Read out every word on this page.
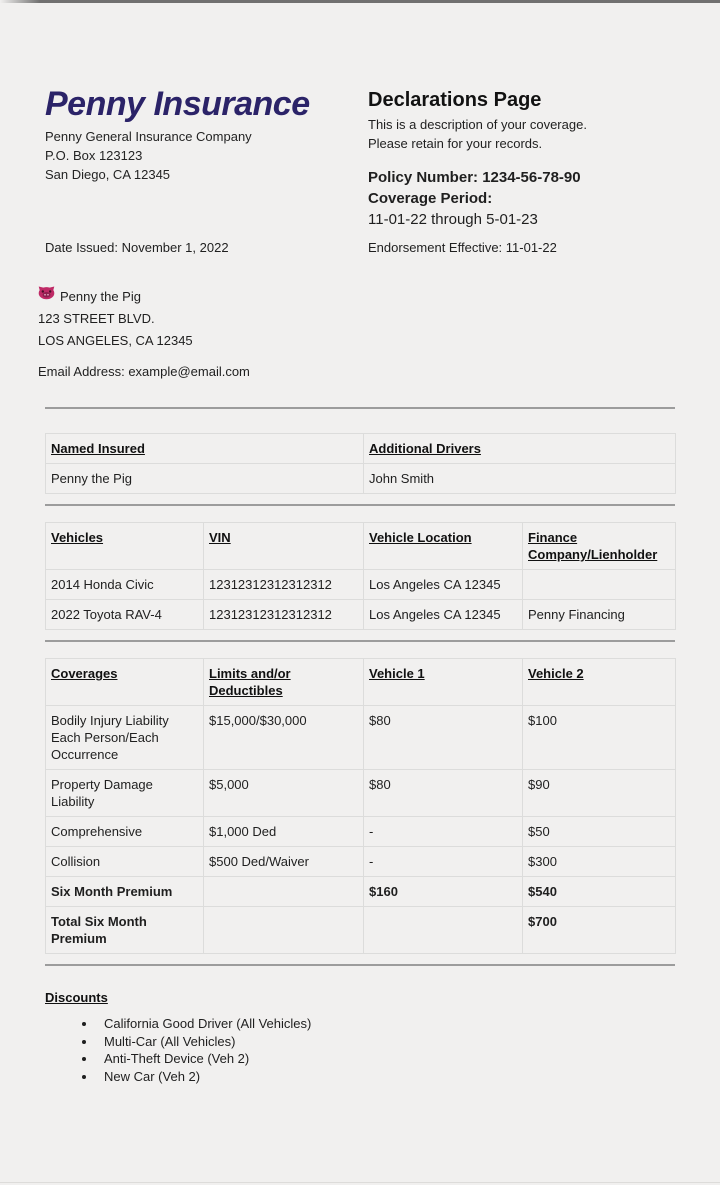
Penny Insurance
Penny General Insurance Company
P.O. Box 123123
San Diego, CA 12345
Declarations Page
This is a description of your coverage.
Please retain for your records.
Policy Number: 1234-56-78-90
Coverage Period:
11-01-22 through 5-01-23
Date Issued: November 1, 2022	Endorsement Effective: 11-01-22
Penny the Pig
123 STREET BLVD.
LOS ANGELES, CA 12345
Email Address: example@email.com
Named Insured	Additional Drivers
Penny the Pig	John Smith
Vehicles	VIN	Vehicle Location	Finance Company/Lienholder
2014 Honda Civic	12312312312312312	Los Angeles CA 12345	
2022 Toyota RAV-4	12312312312312312	Los Angeles CA 12345	Penny Financing
Coverages	Limits and/or Deductibles	Vehicle 1	Vehicle 2
Bodily Injury Liability Each Person/Each Occurrence	$15,000/$30,000	$80	$100
Property Damage Liability	$5,000	$80	$90
Comprehensive	$1,000 Ded	-	$50
Collision	$500 Ded/Waiver	-	$300
Six Month Premium		$160	$540
Total Six Month Premium			$700
Discounts
• California Good Driver (All Vehicles)
• Multi-Car (All Vehicles)
• Anti-Theft Device (Veh 2)
• New Car (Veh 2)
